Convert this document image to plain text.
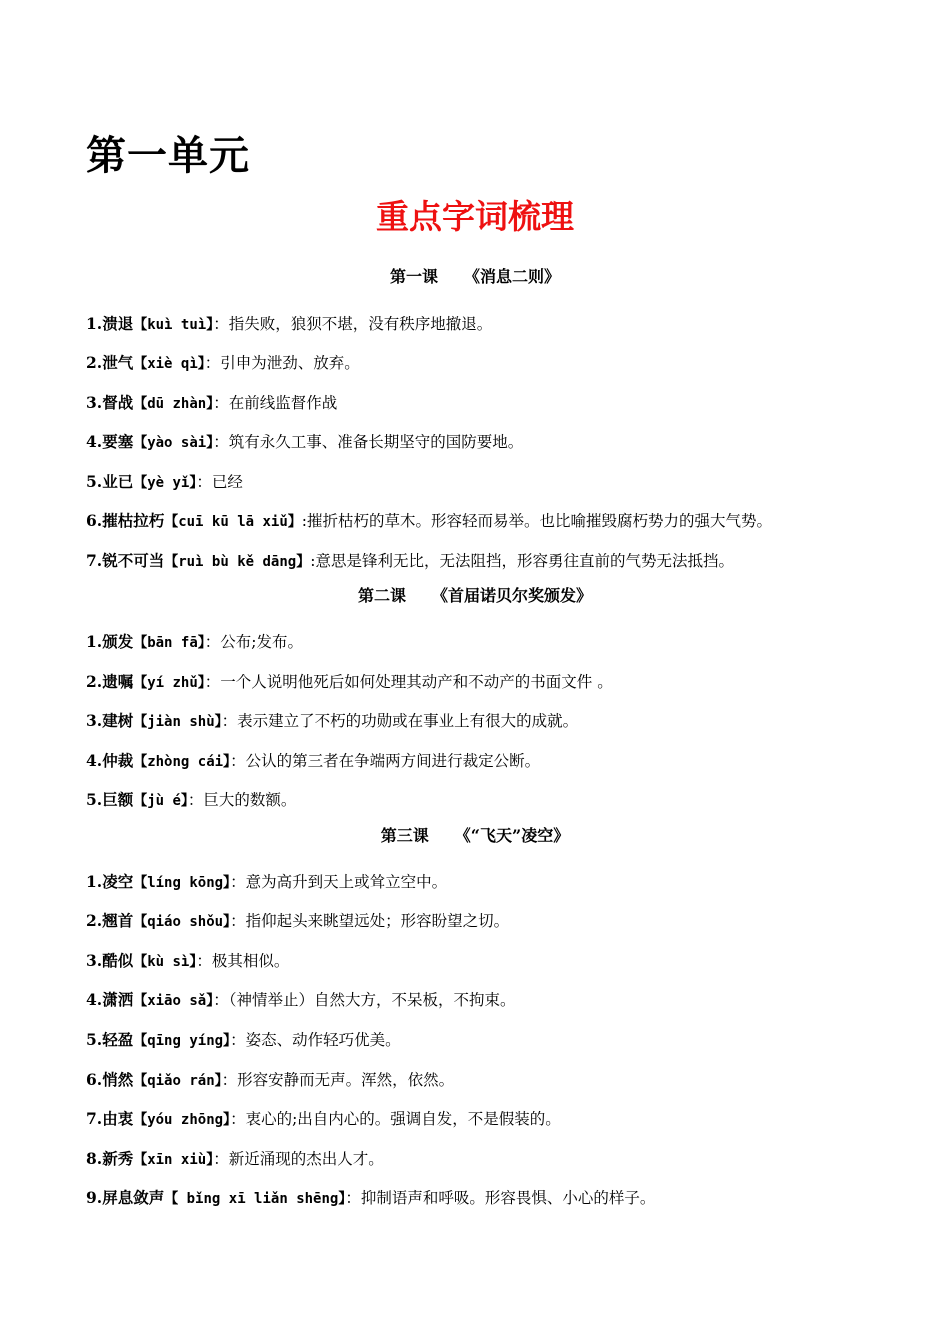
第一单元
重点字词梳理
第一课 《消息二则》
1.溃退【kuì tuì】：指失败，狼狈不堪，没有秩序地撤退。
2.泄气【xiè qì】：引申为泄劲、放弃。
3.督战【dū zhàn】：在前线监督作战
4.要塞【yào sài】：筑有永久工事、准备长期坚守的国防要地。
5.业已【yè yǐ】：已经
6.摧枯拉朽【cuī kū lā xiǔ】:摧折枯朽的草木。形容轻而易举。也比喻摧毁腐朽势力的强大气势。
7.锐不可当【ruì bù kě dāng】:意思是锋利无比，无法阻挡，形容勇往直前的气势无法抵挡。
第二课 《首届诺贝尔奖颁发》
1.颁发【bān fā】：公布;发布。
2.遗嘱【yí zhǔ】：一个人说明他死后如何处理其动产和不动产的书面文件 。
3.建树【jiàn shù】：表示建立了不朽的功勋或在事业上有很大的成就。
4.仲裁【zhòng cái】：公认的第三者在争端两方间进行裁定公断。
5.巨额【jù é】：巨大的数额。
第三课 《“飞天”凌空》
1.凌空【líng kōng】：意为高升到天上或耸立空中。
2.翘首【qiáo shǒu】：指仰起头来眺望远处；形容盼望之切。
3.酷似【kù sì】：极其相似。
4.潇洒【xiāo sǎ】：（神情举止）自然大方，不呆板，不拘束。
5.轻盈【qīng yíng】：姿态、动作轻巧优美。
6.悄然【qiǎo rán】：形容安静而无声。浑然，依然。
7.由衷【yóu zhōng】：衷心的;出自内心的。强调自发，不是假装的。
8.新秀【xīn xiù】：新近涌现的杰出人才。
9.屏息敛声【 bǐng xī liǎn shēng】：抑制语声和呼吸。形容畏惧、小心的样子。
